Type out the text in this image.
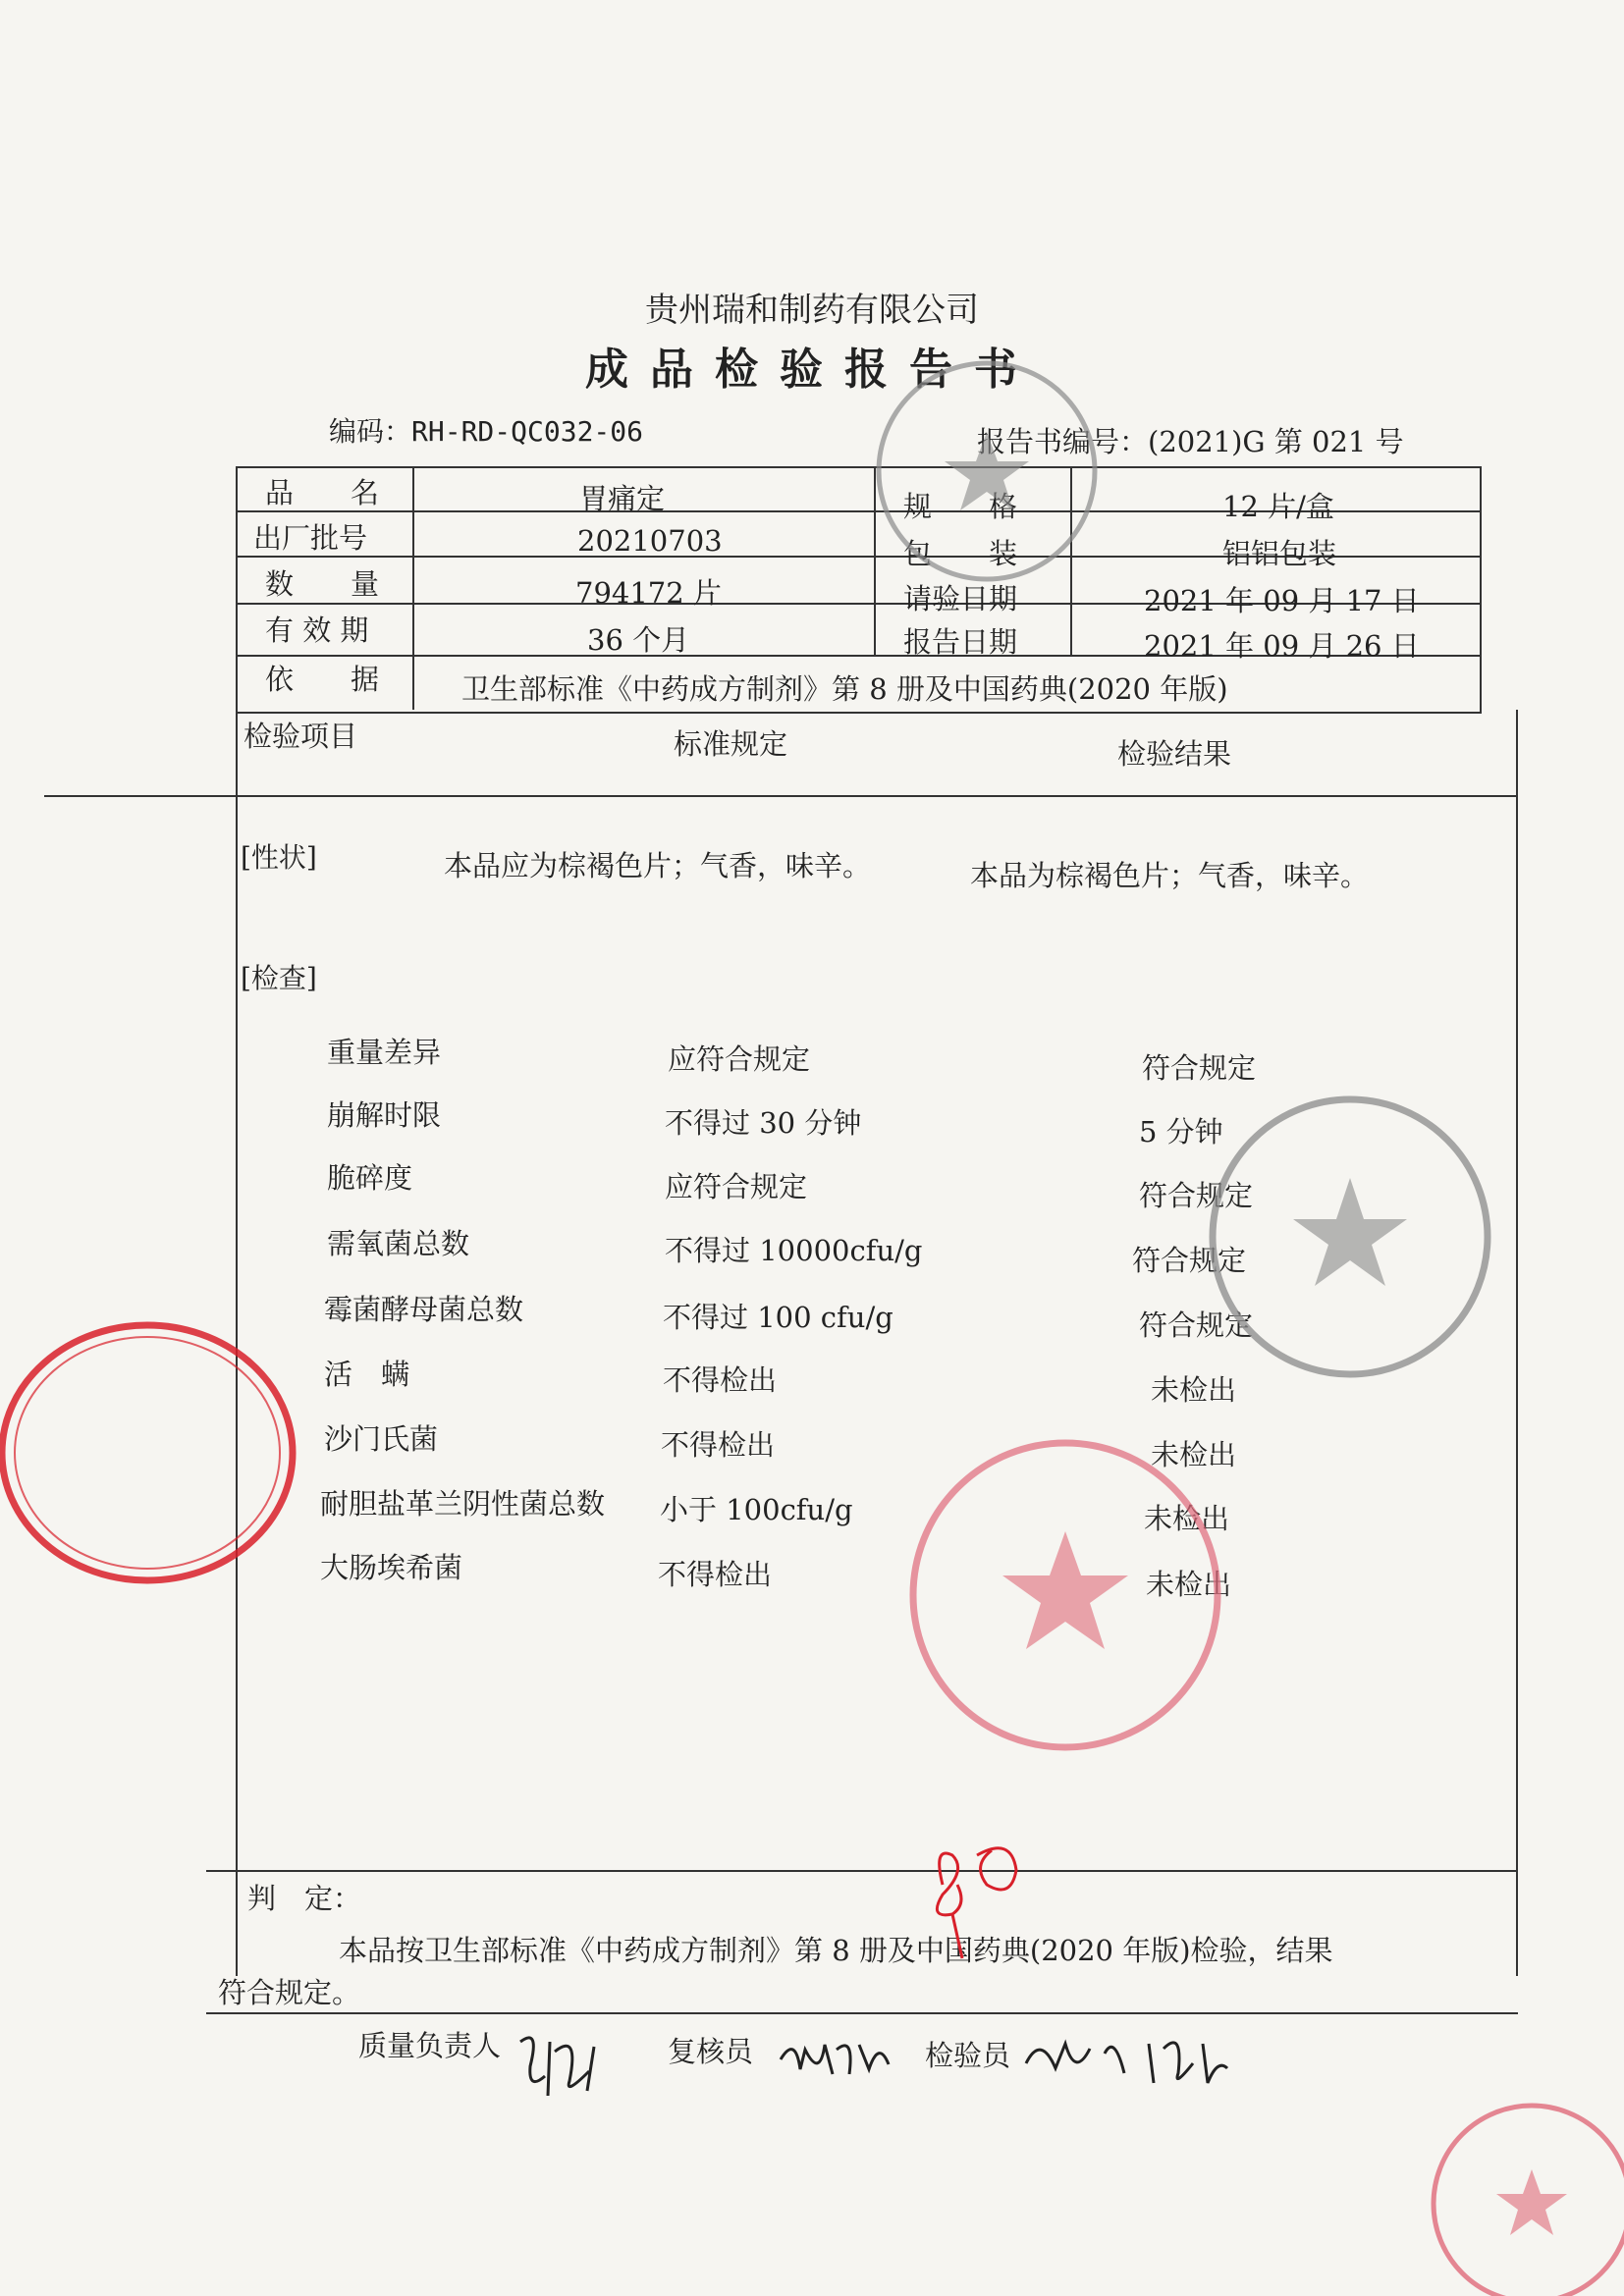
贵州瑞和制药有限公司
成品检验报告书
编码：RH-RD-QC032-06	报告书编号：(2021)G 第 021 号
品　　名	胃痛定	规　　格	12 片/盒
出厂批号	20210703	包　　装	铝铝包装
数　　量	794172 片	请验日期	2021 年 09 月 17 日
有 效 期	36 个月	报告日期	2021 年 09 月 26 日
依　　据	卫生部标准《中药成方制剂》第 8 册及中国药典(2020 年版)
检验项目	标准规定	检验结果
[性状]	本品应为棕褐色片；气香，味辛。	本品为棕褐色片；气香，味辛。
[检查]
重量差异	应符合规定	符合规定
崩解时限	不得过 30 分钟	5 分钟
脆碎度	应符合规定	符合规定
需氧菌总数	不得过 10000cfu/g	符合规定
霉菌酵母菌总数	不得过 100 cfu/g	符合规定
活　螨	不得检出	未检出
沙门氏菌	不得检出	未检出
耐胆盐革兰阴性菌总数 小于 100cfu/g	未检出
大肠埃希菌	不得检出	未检出
判　定：
本品按卫生部标准《中药成方制剂》第 8 册及中国药典(2020 年版)检验，结果
符合规定。
质量负责人	复核员	检验员
